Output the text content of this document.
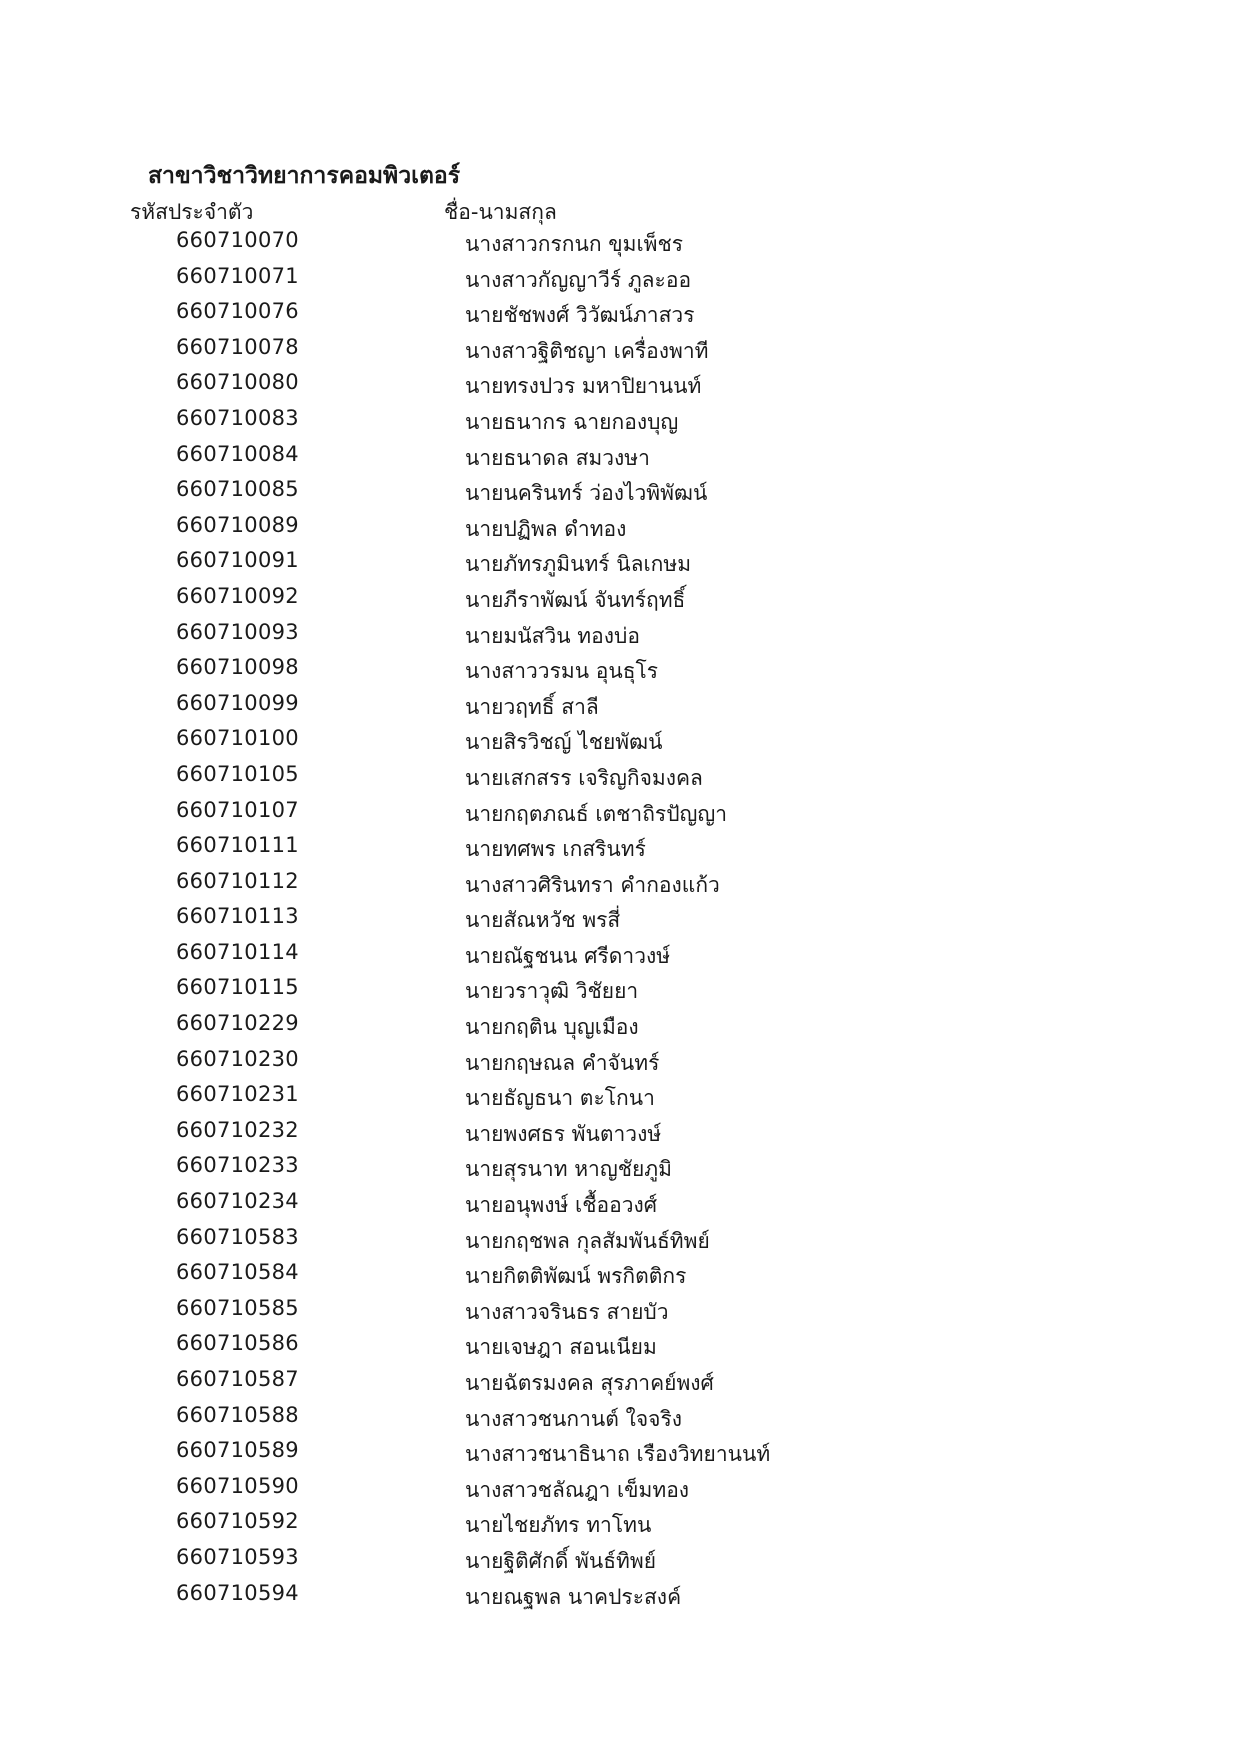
สาขาวิชาวิทยาการคอมพิวเตอร์
รหัสประจำตัว	ชื่อ-นามสกุล
660710070	นางสาวกรกนก ขุมเพ็ชร
660710071	นางสาวกัญญาวีร์ ภูละออ
660710076	นายชัชพงศ์ วิวัฒน์ภาสวร
660710078	นางสาวฐิติชญา เครื่องพาที
660710080	นายทรงปวร มหาปิยานนท์
660710083	นายธนากร ฉายกองบุญ
660710084	นายธนาดล สมวงษา
660710085	นายนครินทร์ ว่องไวพิพัฒน์
660710089	นายปฏิพล ดำทอง
660710091	นายภัทรภูมินทร์ นิลเกษม
660710092	นายภีราพัฒน์ จันทร์ฤทธิ์
660710093	นายมนัสวิน ทองบ่อ
660710098	นางสาววรมน อุนธุโร
660710099	นายวฤทธิ์ สาลี
660710100	นายสิรวิชญ์ ไชยพัฒน์
660710105	นายเสกสรร เจริญกิจมงคล
660710107	นายกฤตภณธ์ เตชาถิรปัญญา
660710111	นายทศพร เกสรินทร์
660710112	นางสาวศิรินทรา คำกองแก้ว
660710113	นายสัณหวัช พรสี่
660710114	นายณัฐชนน ศรีดาวงษ์
660710115	นายวราวุฒิ วิชัยยา
660710229	นายกฤติน บุญเมือง
660710230	นายกฤษณล คำจันทร์
660710231	นายธัญธนา ตะโกนา
660710232	นายพงศธร พันตาวงษ์
660710233	นายสุรนาท หาญชัยภูมิ
660710234	นายอนุพงษ์ เชื้ออวงศ์
660710583	นายกฤชพล กุลสัมพันธ์ทิพย์
660710584	นายกิตติพัฒน์ พรกิตติกร
660710585	นางสาวจรินธร สายบัว
660710586	นายเจษฎา สอนเนียม
660710587	นายฉัตรมงคล สุรภาคย์พงศ์
660710588	นางสาวชนกานต์ ใจจริง
660710589	นางสาวชนาธินาถ เรืองวิทยานนท์
660710590	นางสาวชลัณฎา เข็มทอง
660710592	นายไชยภัทร ทาโทน
660710593	นายฐิติศักดิ์ พันธ์ทิพย์
660710594	นายณฐพล นาคประสงค์
